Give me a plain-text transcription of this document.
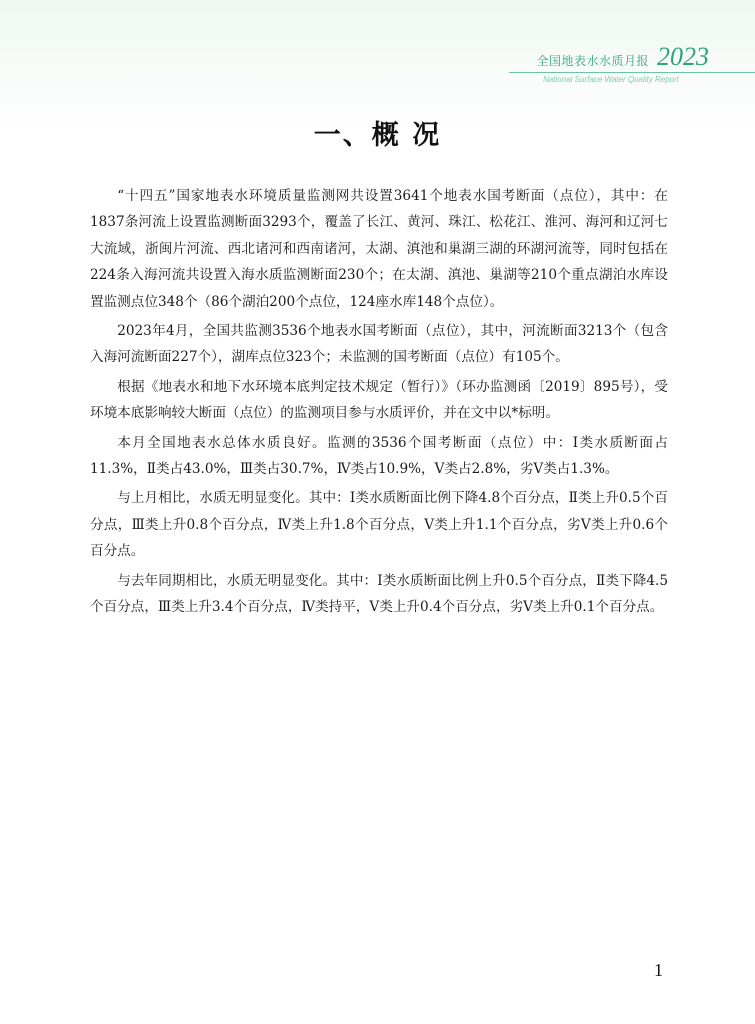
全国地表水水质月报 2023
National Surface Water Quality Report
一、概 况

“十四五”国家地表水环境质量监测网共设置3641个地表水国考断面（点位），其中：在1837条河流上设置监测断面3293个，覆盖了长江、黄河、珠江、松花江、淮河、海河和辽河七大流域，浙闽片河流、西北诸河和西南诸河，太湖、滇池和巢湖三湖的环湖河流等，同时包括在224条入海河流共设置入海水质监测断面230个；在太湖、滇池、巢湖等210个重点湖泊水库设置监测点位348个（86个湖泊200个点位，124座水库148个点位）。

2023年4月，全国共监测3536个地表水国考断面（点位），其中，河流断面3213个（包含入海河流断面227个），湖库点位323个；未监测的国考断面（点位）有105个。

根据《地表水和地下水环境本底判定技术规定（暂行）》（环办监测函〔2019〕895号），受环境本底影响较大断面（点位）的监测项目参与水质评价，并在文中以*标明。

本月全国地表水总体水质良好。监测的3536个国考断面（点位）中：Ⅰ类水质断面占11.3%，Ⅱ类占43.0%，Ⅲ类占30.7%，Ⅳ类占10.9%，Ⅴ类占2.8%，劣Ⅴ类占1.3%。

与上月相比，水质无明显变化。其中：Ⅰ类水质断面比例下降4.8个百分点，Ⅱ类上升0.5个百分点，Ⅲ类上升0.8个百分点，Ⅳ类上升1.8个百分点，Ⅴ类上升1.1个百分点，劣Ⅴ类上升0.6个百分点。

与去年同期相比，水质无明显变化。其中：Ⅰ类水质断面比例上升0.5个百分点，Ⅱ类下降4.5个百分点，Ⅲ类上升3.4个百分点，Ⅳ类持平，Ⅴ类上升0.4个百分点，劣Ⅴ类上升0.1个百分点。

1
